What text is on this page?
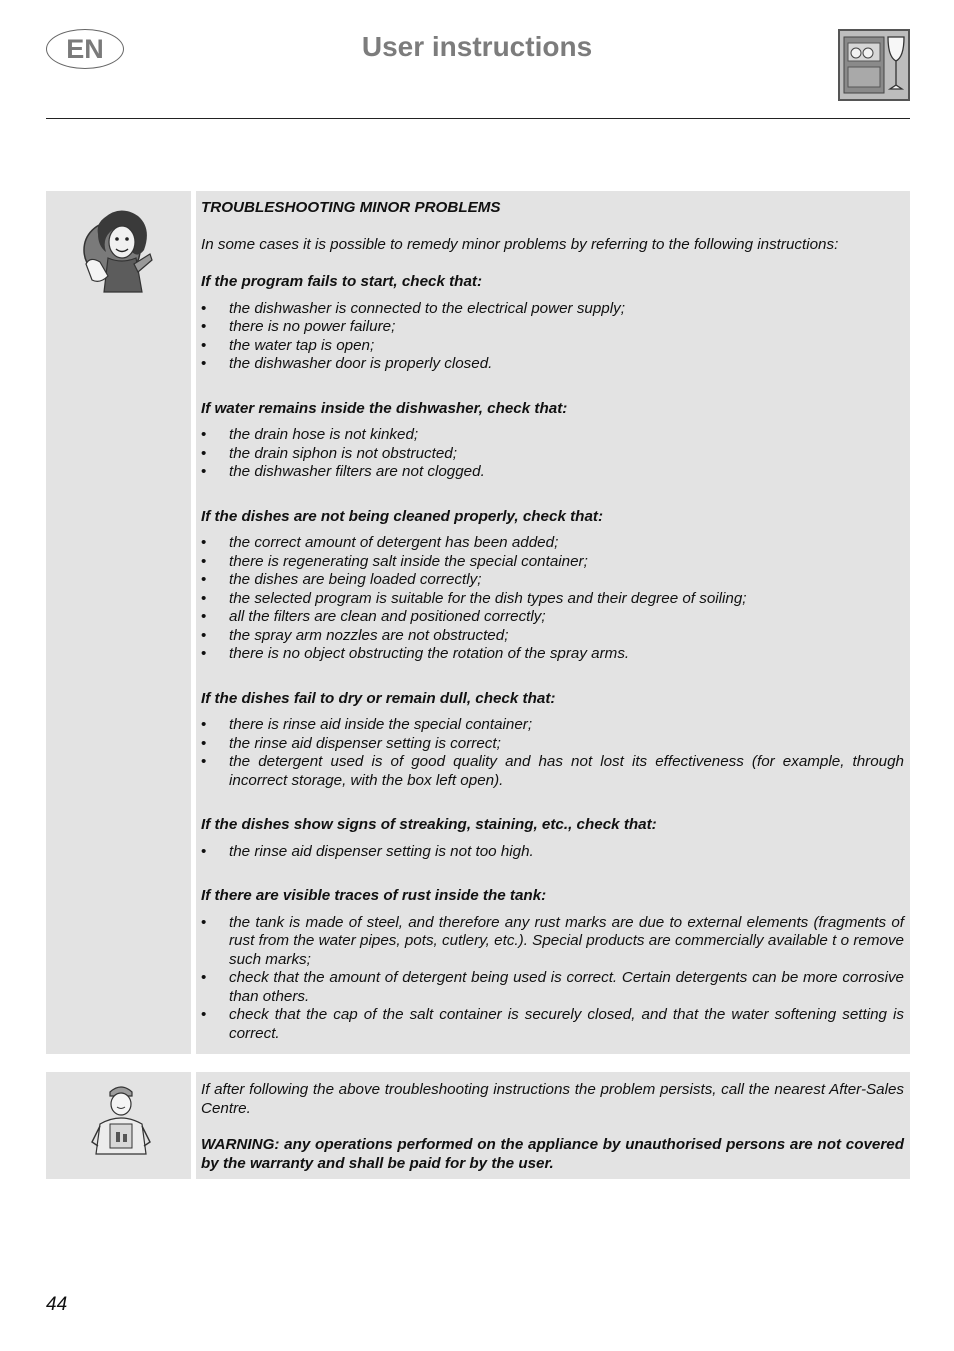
EN	User instructions

TROUBLESHOOTING MINOR PROBLEMS

In some cases it is possible to remedy minor problems by referring to the following instructions:

If the program fails to start, check that:

• the dishwasher is connected to the electrical power supply;
• there is no power failure;
• the water tap is open;
• the dishwasher door is properly closed.

If water remains inside the dishwasher, check that:

• the drain hose is not kinked;
• the drain siphon is not obstructed;
• the dishwasher filters are not clogged.

If the dishes are not being cleaned properly, check that:

• the correct amount of detergent has been added;
• there is regenerating salt inside the special container;
• the dishes are being loaded correctly;
• the selected program is suitable for the dish types and their degree of soiling;
• all the filters are clean and positioned correctly;
• the spray arm nozzles are not obstructed;
• there is no object obstructing the rotation of the spray arms.

If the dishes fail to dry or remain dull, check that:

• there is rinse aid inside the special container;
• the rinse aid dispenser setting is correct;
• the detergent used is of good quality and has not lost its effectiveness (for example, through incorrect storage, with the box left open).

If the dishes show signs of streaking, staining, etc., check that:

• the rinse aid dispenser setting is not too high.

If there are visible traces of rust inside the tank:

• the tank is made of steel, and therefore any rust marks are due to external elements (fragments of rust from the water pipes, pots, cutlery, etc.). Special products are commercially available t o remove such marks;
• check that the amount of detergent being used is correct. Certain detergents can be more corrosive than others.
• check that the cap of the salt container is securely closed, and that the water softening setting is correct.

If after following the above troubleshooting instructions the problem persists, call the nearest After-Sales Centre.

WARNING: any operations performed on the appliance by unauthorised persons are not covered by the warranty and shall be paid for by the user.

44
